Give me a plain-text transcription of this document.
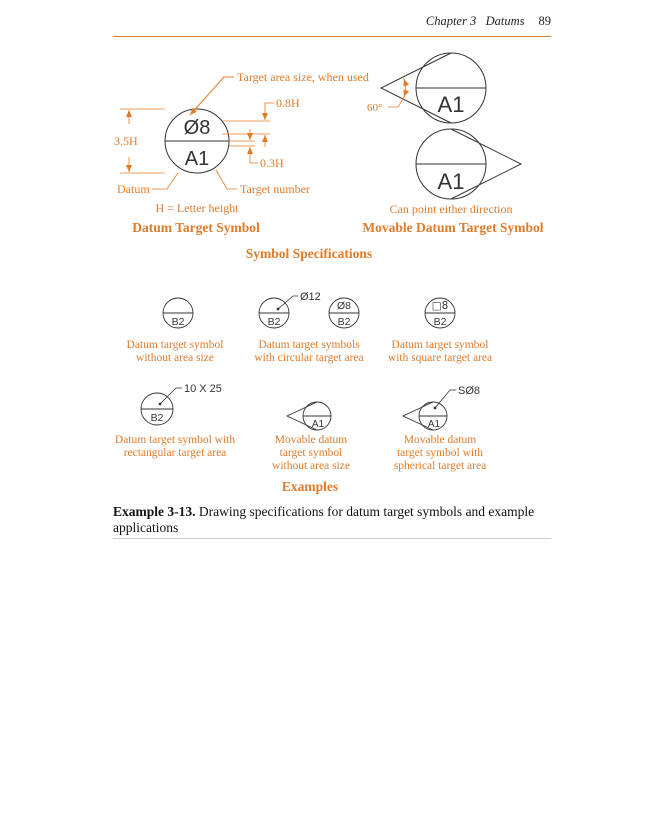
Chapter 3 Datums 89
Ø8
A1
Target area size, when used
3.5H
0.8H
0.3H
Datum	Target number
H = Letter height
Datum Target Symbol
A1
60°
A1
Can point either direction
Movable Datum Target Symbol
Symbol Specifications
B2
Datum target symbol
without area size
B2
Ø12
Ø8
B2
Datum target symbols
with circular target area
□8
B2
Datum target symbol
with square target area
B2
10 X 25
Datum target symbol with
rectangular target area
A1
Movable datum
target symbol
without area size
A1
SØ8
Movable datum
target symbol with
spherical target area
Examples
Example 3-13. Drawing specifications for datum target symbols and example applications
